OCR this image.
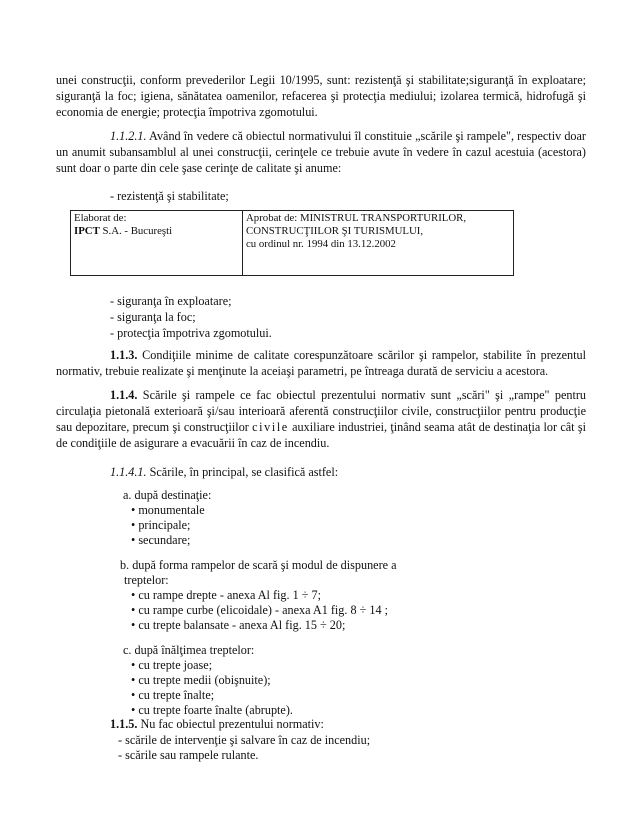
unei construcţii, conform prevederilor Legii 10/1995, sunt: rezistenţă şi stabilitate;siguranţă în exploatare; siguranţă la foc; igiena, sănătatea oamenilor, refacerea şi protecţia mediului; izolarea termică, hidrofugă şi economia de energie; protecţia împotriva zgomotului.

1.1.2.1. Având în vedere că obiectul normativului îl constituie „scările şi rampele", respectiv doar un anumit subansamblul al unei construcţii, cerinţele ce trebuie avute în vedere în cazul acestuia (acestora) sunt doar o parte din cele şase cerinţe de calitate şi anume:

- rezistenţă şi stabilitate;
Elaborat de:
IPCT S.A. - Bucureşti
Aprobat de: MINISTRUL TRANSPORTURILOR,
CONSTRUCŢIILOR ŞI TURISMULUI,
cu ordinul nr. 1994 din 13.12.2002
- siguranţa în exploatare;
- siguranţa la foc;
- protecţia împotriva zgomotului.

1.1.3. Condiţiile minime de calitate corespunzătoare scărilor şi rampelor, stabilite în prezentul normativ, trebuie realizate şi menţinute la aceiaşi parametri, pe întreaga durată de serviciu a acestora.

1.1.4. Scările şi rampele ce fac obiectul prezentului normativ sunt „scări" şi „rampe" pentru circulaţia pietonală exterioară şi/sau interioară aferentă construcţiilor civile, construcţiilor pentru producţie sau depozitare, precum şi construcţiilor civile auxiliare industriei, ţinând seama atât de destinaţia lor cât şi de condiţiile de asigurare a evacuării în caz de incendiu.

1.1.4.1. Scările, în principal, se clasifică astfel:

a. după destinaţie:
• monumentale
• principale;
• secundare;
b. după forma rampelor de scară şi modul de dispunere a
treptelor:
• cu rampe drepte - anexa Al fig. 1 ÷ 7;
• cu rampe curbe (elicoidale) - anexa A1 fig. 8 ÷ 14 ;
• cu trepte balansate - anexa Al fig. 15 ÷ 20;
c. după înălţimea treptelor:
• cu trepte joase;
• cu trepte medii (obişnuite);
• cu trepte înalte;
• cu trepte foarte înalte (abrupte).

1.1.5. Nu fac obiectul prezentului normativ:

- scările de intervenţie şi salvare în caz de incendiu;
- scările sau rampele rulante.
